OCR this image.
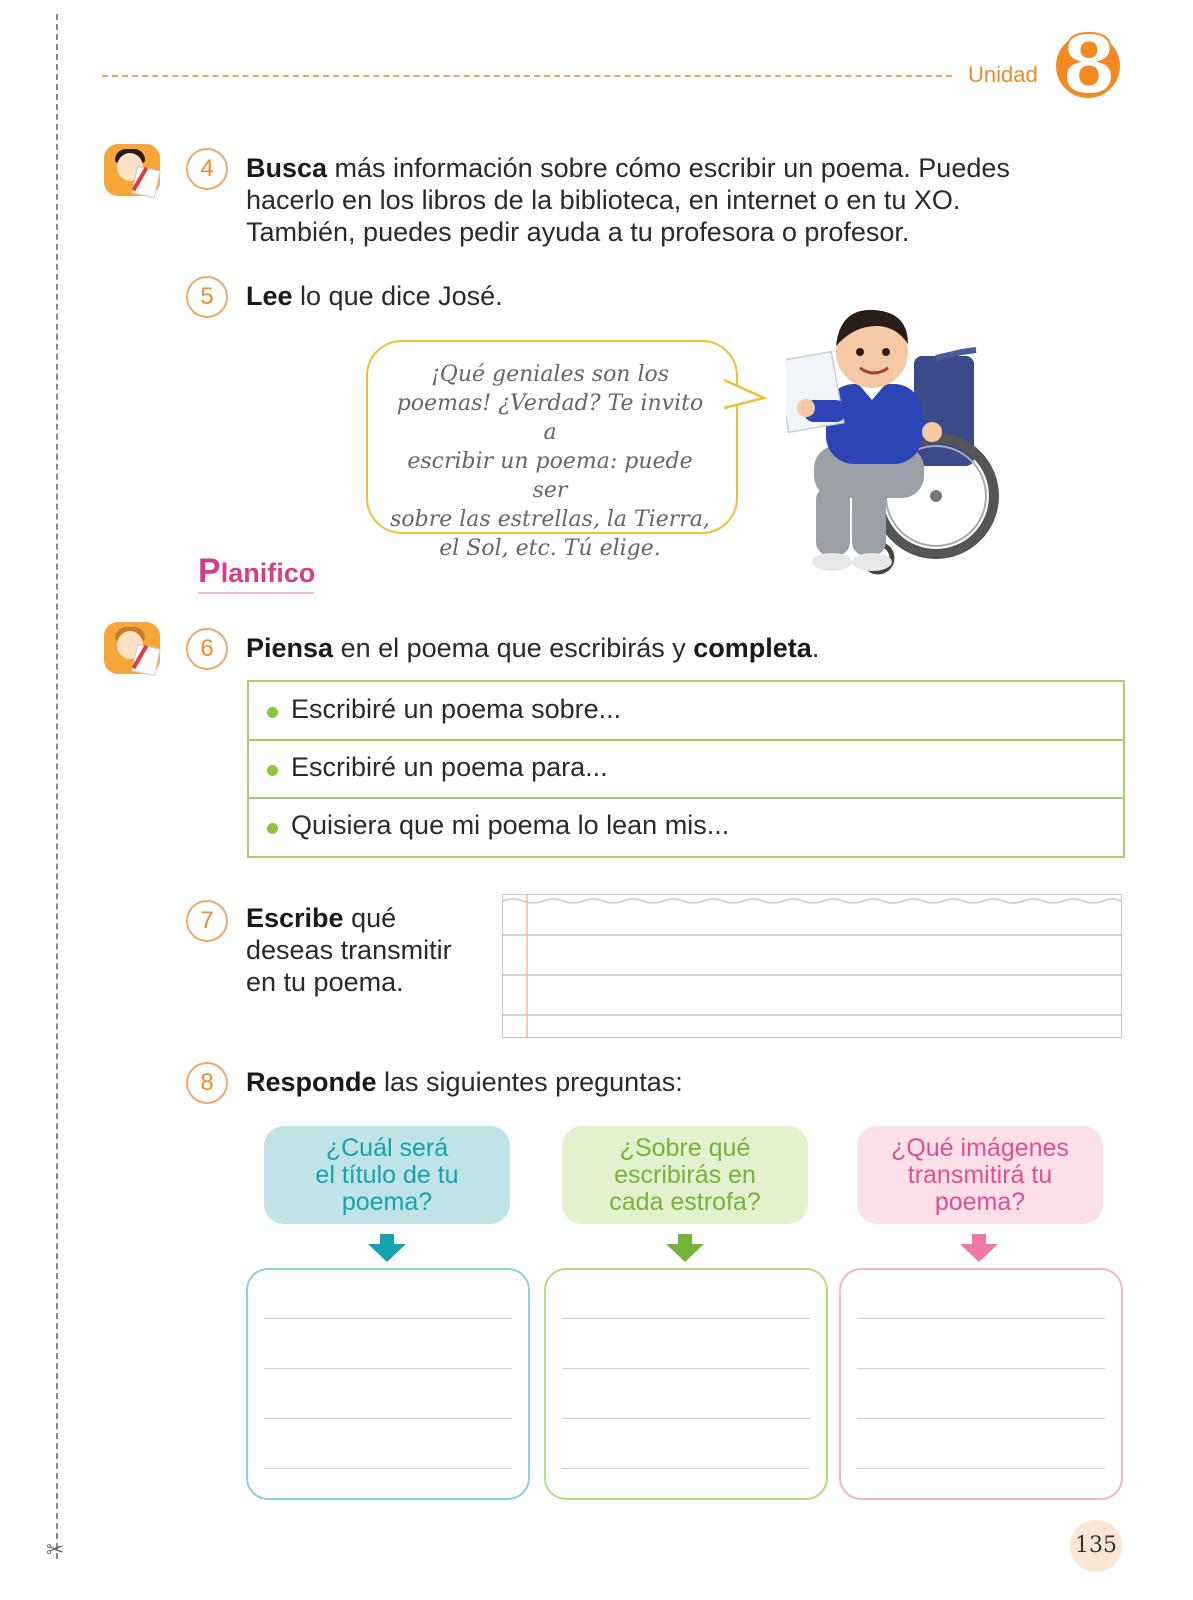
✂
Unidad 8
4	Busca más información sobre cómo escribir un poema. Puedes
hacerlo en los libros de la biblioteca, en internet o en tu XO.
También, puedes pedir ayuda a tu profesora o profesor.
5	Lee lo que dice José.
¡Qué geniales son los
poemas! ¿Verdad? Te invito a
escribir un poema: puede ser
sobre las estrellas, la Tierra,
el Sol, etc. Tú elige.
Planifico
6	Piensa en el poema que escribirás y completa.
Escribiré un poema sobre...
Escribiré un poema para...
Quisiera que mi poema lo lean mis...
7	Escribe qué
deseas transmitir
en tu poema.
8	Responde las siguientes preguntas:
¿Cuál será
el título de tu
poema?
¿Sobre qué
escribirás en
cada estrofa?
¿Qué imágenes
transmitirá tu
poema?
135
